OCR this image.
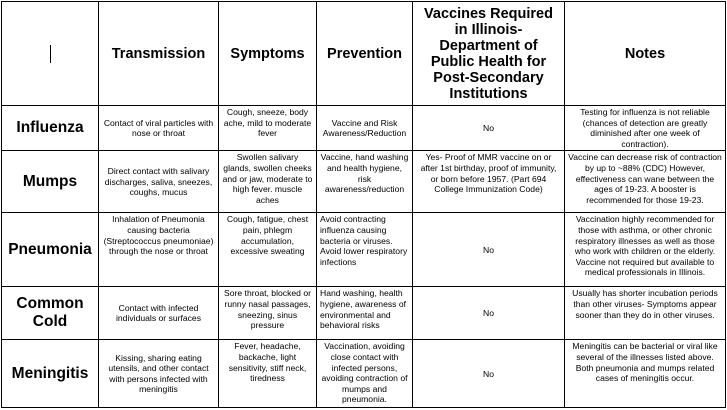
	Transmission	Symptoms	Prevention	Vaccines Required in Illinois- Department of Public Health for Post-Secondary Institutions	Notes
Influenza	Contact of viral particles with nose or throat	Cough, sneeze, body ache, mild to moderate fever	Vaccine and Risk Awareness/Reduction	No	Testing for influenza is not reliable (chances of detection are greatly diminished after one week of contraction).
Mumps	Direct contact with salivary discharges, saliva, sneezes, coughs, mucus	Swollen salivary glands, swollen cheeks and or jaw, moderate to high fever. muscle aches	Vaccine, hand washing and health hygiene, risk awareness/reduction	Yes- Proof of MMR vaccine on or after 1st birthday, proof of immunity, or born before 1957. (Part 694 College Immunization Code)	Vaccine can decrease risk of contraction by up to ~88% (CDC) However, effectiveness can wane between the ages of 19-23. A booster is recommended for those 19-23.
Pneumonia	Inhalation of Pneumonia causing bacteria (Streptococcus pneumoniae) through the nose or throat	Cough, fatigue, chest pain, phlegm accumulation, excessive sweating	Avoid contracting influenza causing bacteria or viruses. Avoid lower respiratory infections	No	Vaccination highly recommended for those with asthma, or other chronic respiratory illnesses as well as those who work with children or the elderly. Vaccine not required but available to medical professionals in Illinois.
Common Cold	Contact with infected individuals or surfaces	Sore throat, blocked or runny nasal passages, sneezing, sinus pressure	Hand washing, health hygiene, awareness of environmental and behavioral risks	No	Usually has shorter incubation periods than other viruses- Symptoms appear sooner than they do in other viruses.
Meningitis	Kissing, sharing eating utensils, and other contact with persons infected with meningitis	Fever, headache, backache, light sensitivity, stiff neck, tiredness	Vaccination, avoiding close contact with infected persons, avoiding contraction of mumps and pneumonia.	No	Meningitis can be bacterial or viral like several of the illnesses listed above. Both pneumonia and mumps related cases of meningitis occur.
